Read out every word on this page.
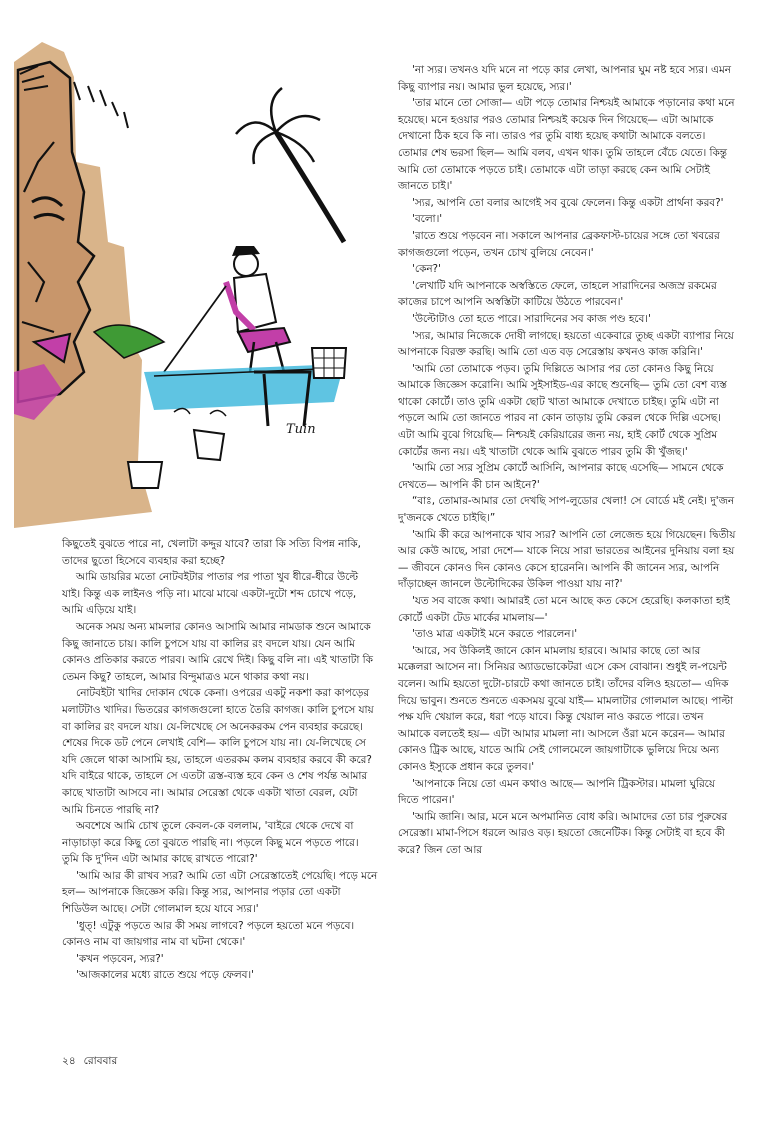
Tuin

কিছুতেই বুঝতে পারে না, খেলাটা কদ্দুর যাবে? তারা কি সত্যি বিপন্ন নাকি, তাদের ছুতো হিসেবে ব্যবহার করা হচ্ছে?

আমি ডায়রির মতো নোটবইটার পাতার পর পাতা খুব ধীরে-ধীরে উল্টে যাই। কিন্তু এক লাইনও পড়ি না। মাঝে মাঝে একটা-দুটো শব্দ চোখে পড়ে, আমি এড়িয়ে যাই।

অনেক সময় অন্য মামলার কোনও আসামি আমার নামডাক শুনে আমাকে কিছু জানাতে চায়। কালি চুপসে যায় বা কালির রং বদলে যায়। যেন আমি কোনও প্রতিকার করতে পারব। আমি রেখে দিই। কিছু বলি না। এই খাতাটা কি তেমন কিছু? তাহলে, আমার বিন্দুমাত্রও মনে থাকার কথা নয়।

নোটবইটা খাদির দোকান থেকে কেনা। ওপরের একটু নকশা করা কাপড়ের মলাটটাও খাদির। ভিতরের কাগজগুলো হাতে তৈরি কাগজ। কালি চুপসে যায় বা কালির রং বদলে যায়। যে-লিখেছে সে অনেকরকম পেন ব্যবহার করেছে। শেষের দিকে ডট পেনে লেখাই বেশি— কালি চুপসে যায় না। যে-লিখেছে সে যদি জেলে থাকা আসামি হয়, তাহলে এতরকম কলম ব্যবহার করবে কী করে? যদি বাইরে থাকে, তাহলে সে এতটা ত্রস্ত-ব্যস্ত হবে কেন ও শেষ পর্যন্ত আমার কাছে খাতাটা আসবে না। আমার সেরেস্তা থেকে একটা খাতা বেরল, যেটা আমি চিনতে পারছি না?

অবশেষে আমি চোখ তুলে কেবল-কে বললাম, 'বাইরে থেকে দেখে বা নাড়াচাড়া করে কিছু তো বুঝতে পারছি না। পড়লে কিছু মনে পড়তে পারে। তুমি কি দু'দিন এটা আমার কাছে রাখতে পারো?'

'আমি আর কী রাখব স্যর? আমি তো এটা সেরেস্তাতেই পেয়েছি। পড়ে মনে হল— আপনাকে জিজ্ঞেস করি। কিন্তু স্যর, আপনার পড়ার তো একটা শিডিউল আছে। সেটা গোলমাল হয়ে যাবে স্যর।'

'ধুত্! এটুকু পড়তে আর কী সময় লাগবে? পড়লে হয়তো মনে পড়বে। কোনও নাম বা জায়গার নাম বা ঘটনা থেকে।'

'কখন পড়বেন, স্যর?'

'আজকালের মধ্যে রাতে শুয়ে পড়ে ফেলব।'

'না স্যর। তখনও যদি মনে না পড়ে কার লেখা, আপনার ঘুম নষ্ট হবে স্যর। এমন কিছু ব্যাপার নয়। আমার ভুল হয়েছে, স্যর।'

'তার মানে তো সোজা— এটা পড়ে তোমার নিশ্চয়ই আমাকে পড়ানোর কথা মনে হয়েছে। মনে হওয়ার পরও তোমার নিশ্চয়ই কয়েক দিন গিয়েছে— এটা আমাকে দেখানো ঠিক হবে কি না। তারও পর তুমি বাধ্য হয়েছ কথাটা আমাকে বলতে। তোমার শেষ ভরসা ছিল— আমি বলব, এখন থাক। তুমি তাহলে বেঁচে যেতে। কিন্তু আমি তো তোমাকে পড়তে চাই। তোমাকে এটা তাড়া করছে কেন আমি সেটাই জানতে চাই।'

'স্যর, আপনি তো বলার আগেই সব বুঝে ফেলেন। কিন্তু একটা প্রার্থনা করব?'

'বলো।'

'রাতে শুয়ে পড়বেন না। সকালে আপনার ব্রেকফাস্ট-চায়ের সঙ্গে তো খবরের কাগজগুলো পড়েন, তখন চোখ বুলিয়ে নেবেন।'

'কেন?'

'লেখাটি যদি আপনাকে অস্বস্তিতে ফেলে, তাহলে সারাদিনের অজস্র রকমের কাজের চাপে আপনি অস্বস্তিটা কাটিয়ে উঠতে পারবেন।'

'উল্টোটাও তো হতে পারে। সারাদিনের সব কাজ পণ্ড হবে।'

'স্যর, আমার নিজেকে দোষী লাগছে। হয়তো একেবারে তুচ্ছ একটা ব্যাপার নিয়ে আপনাকে বিরক্ত করছি। আমি তো এত বড় সেরেস্তায় কখনও কাজ করিনি।'

'আমি তো তোমাকে পড়ব। তুমি দিল্লিতে আসার পর তো কোনও কিছু নিয়ে আমাকে জিজ্ঞেস করোনি। আমি সুইসাইড-এর কাছে শুনেছি— তুমি তো বেশ ব্যস্ত থাকো কোর্টে। তাও তুমি একটা ছোট খাতা আমাকে দেখাতে চাইছ। তুমি এটা না পড়লে আমি তো জানতে পারব না কোন তাড়ায় তুমি কেরল থেকে দিল্লি এসেছ। এটা আমি বুঝে গিয়েছি— নিশ্চয়ই কেরিয়ারের জন্য নয়, হাই কোর্ট থেকে সুপ্রিম কোর্টের জন্য নয়। এই খাতাটা থেকে আমি বুঝতে পারব তুমি কী খুঁজছ।'

'আমি তো স্যর সুপ্রিম কোর্টে আসিনি, আপনার কাছে এসেছি— সামনে থেকে দেখতে— আপনি কী চান আইনে?'

“বাঃ, তোমার-আমার তো দেখছি সাপ-লুডোর খেলা! সে বোর্ডে মই নেই। দু'জন দু'জনকে খেতে চাইছি।”

'আমি কী করে আপনাকে খাব স্যর? আপনি তো লেজেন্ড হয়ে গিয়েছেন। দ্বিতীয় আর কেউ আছে, সারা দেশে— যাকে নিয়ে সারা ভারতের আইনের দুনিয়ায় বলা হয়— জীবনে কোনও দিন কোনও কেসে হারেননি। আপনি কী জানেন স্যর, আপনি দাঁড়াচ্ছেন জানলে উল্টোদিকের উকিল পাওয়া যায় না?'

'যত সব বাজে কথা। আমারই তো মনে আছে কত কেসে হেরেছি। কলকাতা হাই কোর্টে একটা টেড মার্কের মামলায়—'

'তাও মাত্র একটাই মনে করতে পারলেন।'

'আরে, সব উকিলই জানে কোন মামলায় হারবে। আমার কাছে তো আর মক্কেলরা আসেন না। সিনিয়র অ্যাডভোকেটরা এসে কেস বোঝান। শুধুই ল-পয়েন্ট বলেন। আমি হয়তো দুটো-চারটে কথা জানতে চাই। তাঁদের বলিও হয়তো— এদিক দিয়ে ভাবুন। শুনতে শুনতে একসময় বুঝে যাই— মামলাটার গোলমাল আছে। পাল্টা পক্ষ যদি খেয়াল করে, ধরা পড়ে যাবে। কিন্তু খেয়াল নাও করতে পারে। তখন আমাকে বলতেই হয়— এটা আমার মামলা না। আসলে ওঁরা মনে করেন— আমার কোনও ট্রিক আছে, যাতে আমি সেই গোলমেলে জায়গাটাকে ভুলিয়ে দিয়ে অন্য কোনও ইস্যুকে প্রধান করে তুলব।'

'আপনাকে নিয়ে তো এমন কথাও আছে— আপনি ট্রিকস্টার। মামলা ঘুরিয়ে দিতে পারেন।'

'আমি জানি। আর, মনে মনে অপমানিত বোধ করি। আমাদের তো চার পুরুষের সেরেস্তা। মামা-পিসে ধরলে আরও বড়। হয়তো জেনেটিক। কিন্তু সেটাই বা হবে কী করে? জিন তো আর

২৪ রোববার
